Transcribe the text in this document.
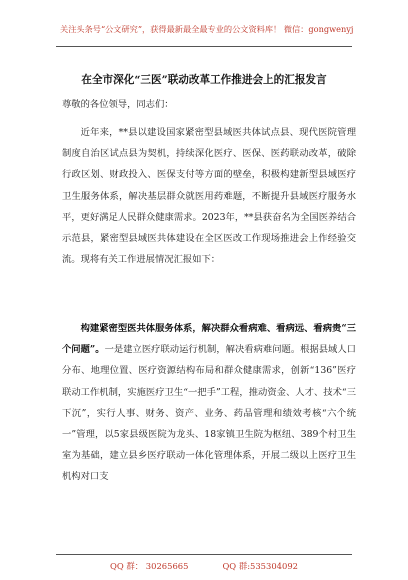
关注头条号“公文研究”，获得最新最全最专业的公文资料库！ 微信：gongwenyj
在全市深化“三医”联动改革工作推进会上的汇报发言
尊敬的各位领导，同志们：

近年来，**县以建设国家紧密型县域医共体试点县、现代医院管理制度自治区试点县为契机，持续深化医疗、医保、医药联动改革，破除行政区划、财政投入、医保支付等方面的壁垒，积极构建新型县域医疗卫生服务体系，解决基层群众就医用药难题，不断提升县域医疗服务水平，更好满足人民群众健康需求。2023年，**县获奋名为全国医养结合示范县，紧密型县域医共体建设在全区医改工作现场推进会上作经验交流。现将有关工作进展情况汇报如下：

构建紧密型医共体服务体系，解决群众看病难、看病远、看病贵“三个问题”。一是建立医疗联动运行机制，解决看病难问题。根据县域人口分布、地理位置、医疗资源结构布局和群众健康需求，创新“136”医疗联动工作机制，实施医疗卫生“一把手”工程，推动资金、人才、技术“三下沉”，实行人事、财务、资产、业务、药品管理和绩效考核“六个统一”管理，以5家县级医院为龙头、18家镇卫生院为枢纽、389个村卫生室为基础，建立县乡医疗联动一体化管理体系，开展二级以上医疗卫生机构对口支

QQ 群： 30265665	QQ 群:535304092
